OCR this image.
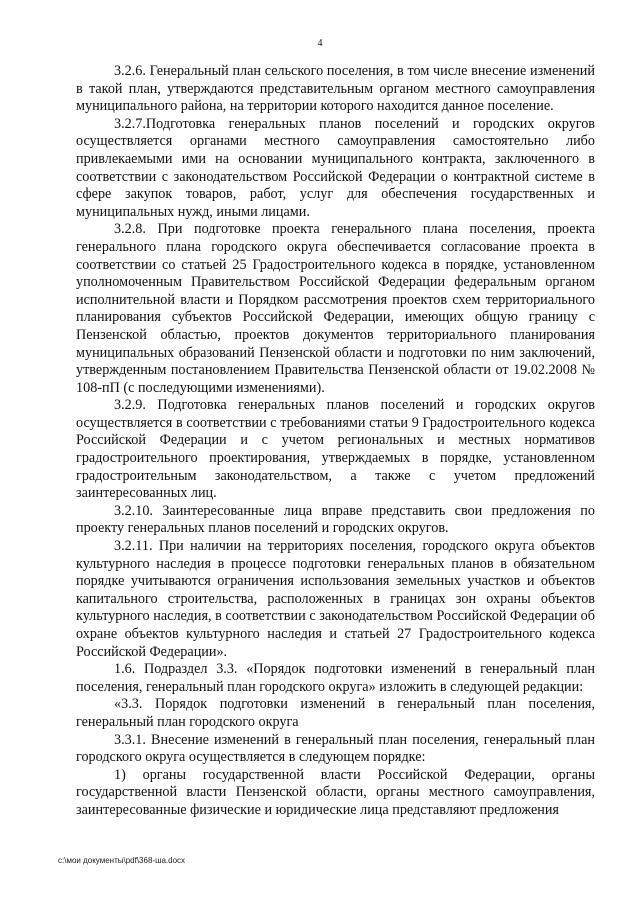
4

3.2.6. Генеральный план сельского поселения, в том числе внесение изменений в такой план, утверждаются представительным органом местного самоуправления муниципального района, на территории которого находится данное поселение.

3.2.7.Подготовка генеральных планов поселений и городских округов осуществляется органами местного самоуправления самостоятельно либо привлекаемыми ими на основании муниципального контракта, заключенного в соответствии с законодательством Российской Федерации о контрактной системе в сфере закупок товаров, работ, услуг для обеспечения государственных и муниципальных нужд, иными лицами.

3.2.8. При подготовке проекта генерального плана поселения, проекта генерального плана городского округа обеспечивается согласование проекта в соответствии со статьей 25 Градостроительного кодекса в порядке, установленном уполномоченным Правительством Российской Федерации федеральным органом исполнительной власти и Порядком рассмотрения проектов схем территориального планирования субъектов Российской Федерации, имеющих общую границу с Пензенской областью, проектов документов территориального планирования муниципальных образований Пензенской области и подготовки по ним заключений, утвержденным постановлением Правительства Пензенской области от 19.02.2008 № 108-пП (с последующими изменениями).

3.2.9. Подготовка генеральных планов поселений и городских округов осуществляется в соответствии с требованиями статьи 9 Градостроительного кодекса Российской Федерации и с учетом региональных и местных нормативов градостроительного проектирования, утверждаемых в порядке, установленном градостроительным законодательством, а также с учетом предложений заинтересованных лиц.

3.2.10. Заинтересованные лица вправе представить свои предложения по проекту генеральных планов поселений и городских округов.

3.2.11. При наличии на территориях поселения, городского округа объектов культурного наследия в процессе подготовки генеральных планов в обязательном порядке учитываются ограничения использования земельных участков и объектов капитального строительства, расположенных в границах зон охраны объектов культурного наследия, в соответствии с законодательством Российской Федерации об охране объектов культурного наследия и статьей 27 Градостроительного кодекса Российской Федерации».

1.6. Подраздел 3.3. «Порядок подготовки изменений в генеральный план поселения, генеральный план городского округа» изложить в следующей редакции:

«3.3. Порядок подготовки изменений в генеральный план поселения, генеральный план городского округа

3.3.1. Внесение изменений в генеральный план поселения, генеральный план городского округа осуществляется в следующем порядке:

1) органы государственной власти Российской Федерации, органы государственной власти Пензенской области, органы местного самоуправления, заинтересованные физические и юридические лица представляют предложения

c:\мои документы\pdf\368-ша.docx
